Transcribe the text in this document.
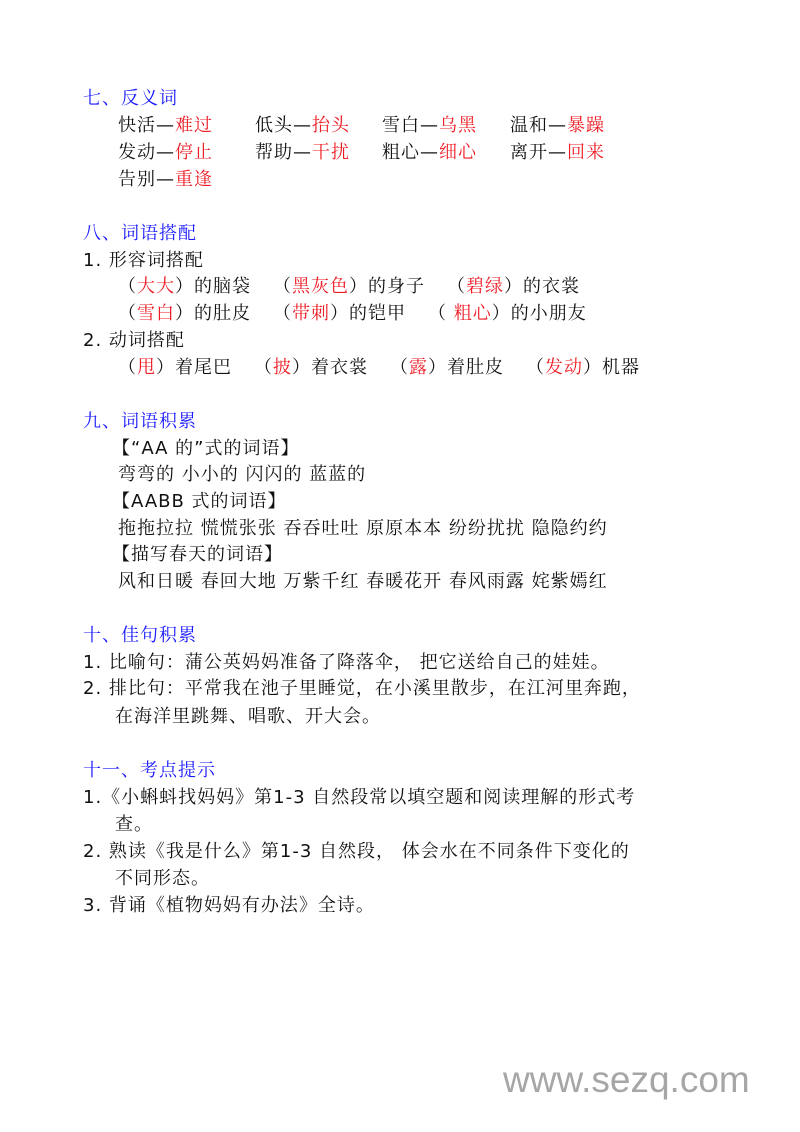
七、反义词
快活—难过 低头—抬头 雪白—乌黑 温和—暴躁
发动—停止 帮助—干扰 粗心—细心 离开—回来
告别—重逢
八、词语搭配
1. 形容词搭配
（大大）的脑袋 （黑灰色）的身子 （碧绿）的衣裳
（雪白）的肚皮 （带刺）的铠甲 （ 粗心）的小朋友
2. 动词搭配
（甩）着尾巴 （披）着衣裳 （露）着肚皮 （发动）机器
九、词语积累
【“AA 的”式的词语】
弯弯的 小小的 闪闪的 蓝蓝的
【AABB 式的词语】
拖拖拉拉 慌慌张张 吞吞吐吐 原原本本 纷纷扰扰 隐隐约约
【描写春天的词语】
风和日暖 春回大地 万紫千红 春暖花开 春风雨露 姹紫嫣红
十、佳句积累
1. 比喻句：蒲公英妈妈准备了降落伞， 把它送给自己的娃娃。
2. 排比句：平常我在池子里睡觉，在小溪里散步，在江河里奔跑，
在海洋里跳舞、唱歌、开大会。
十一、考点提示
1.《小蝌蚪找妈妈》第1-3 自然段常以填空题和阅读理解的形式考
查。
2. 熟读《我是什么》第1-3 自然段， 体会水在不同条件下变化的
不同形态。
3. 背诵《植物妈妈有办法》全诗。
www.sezq.com
